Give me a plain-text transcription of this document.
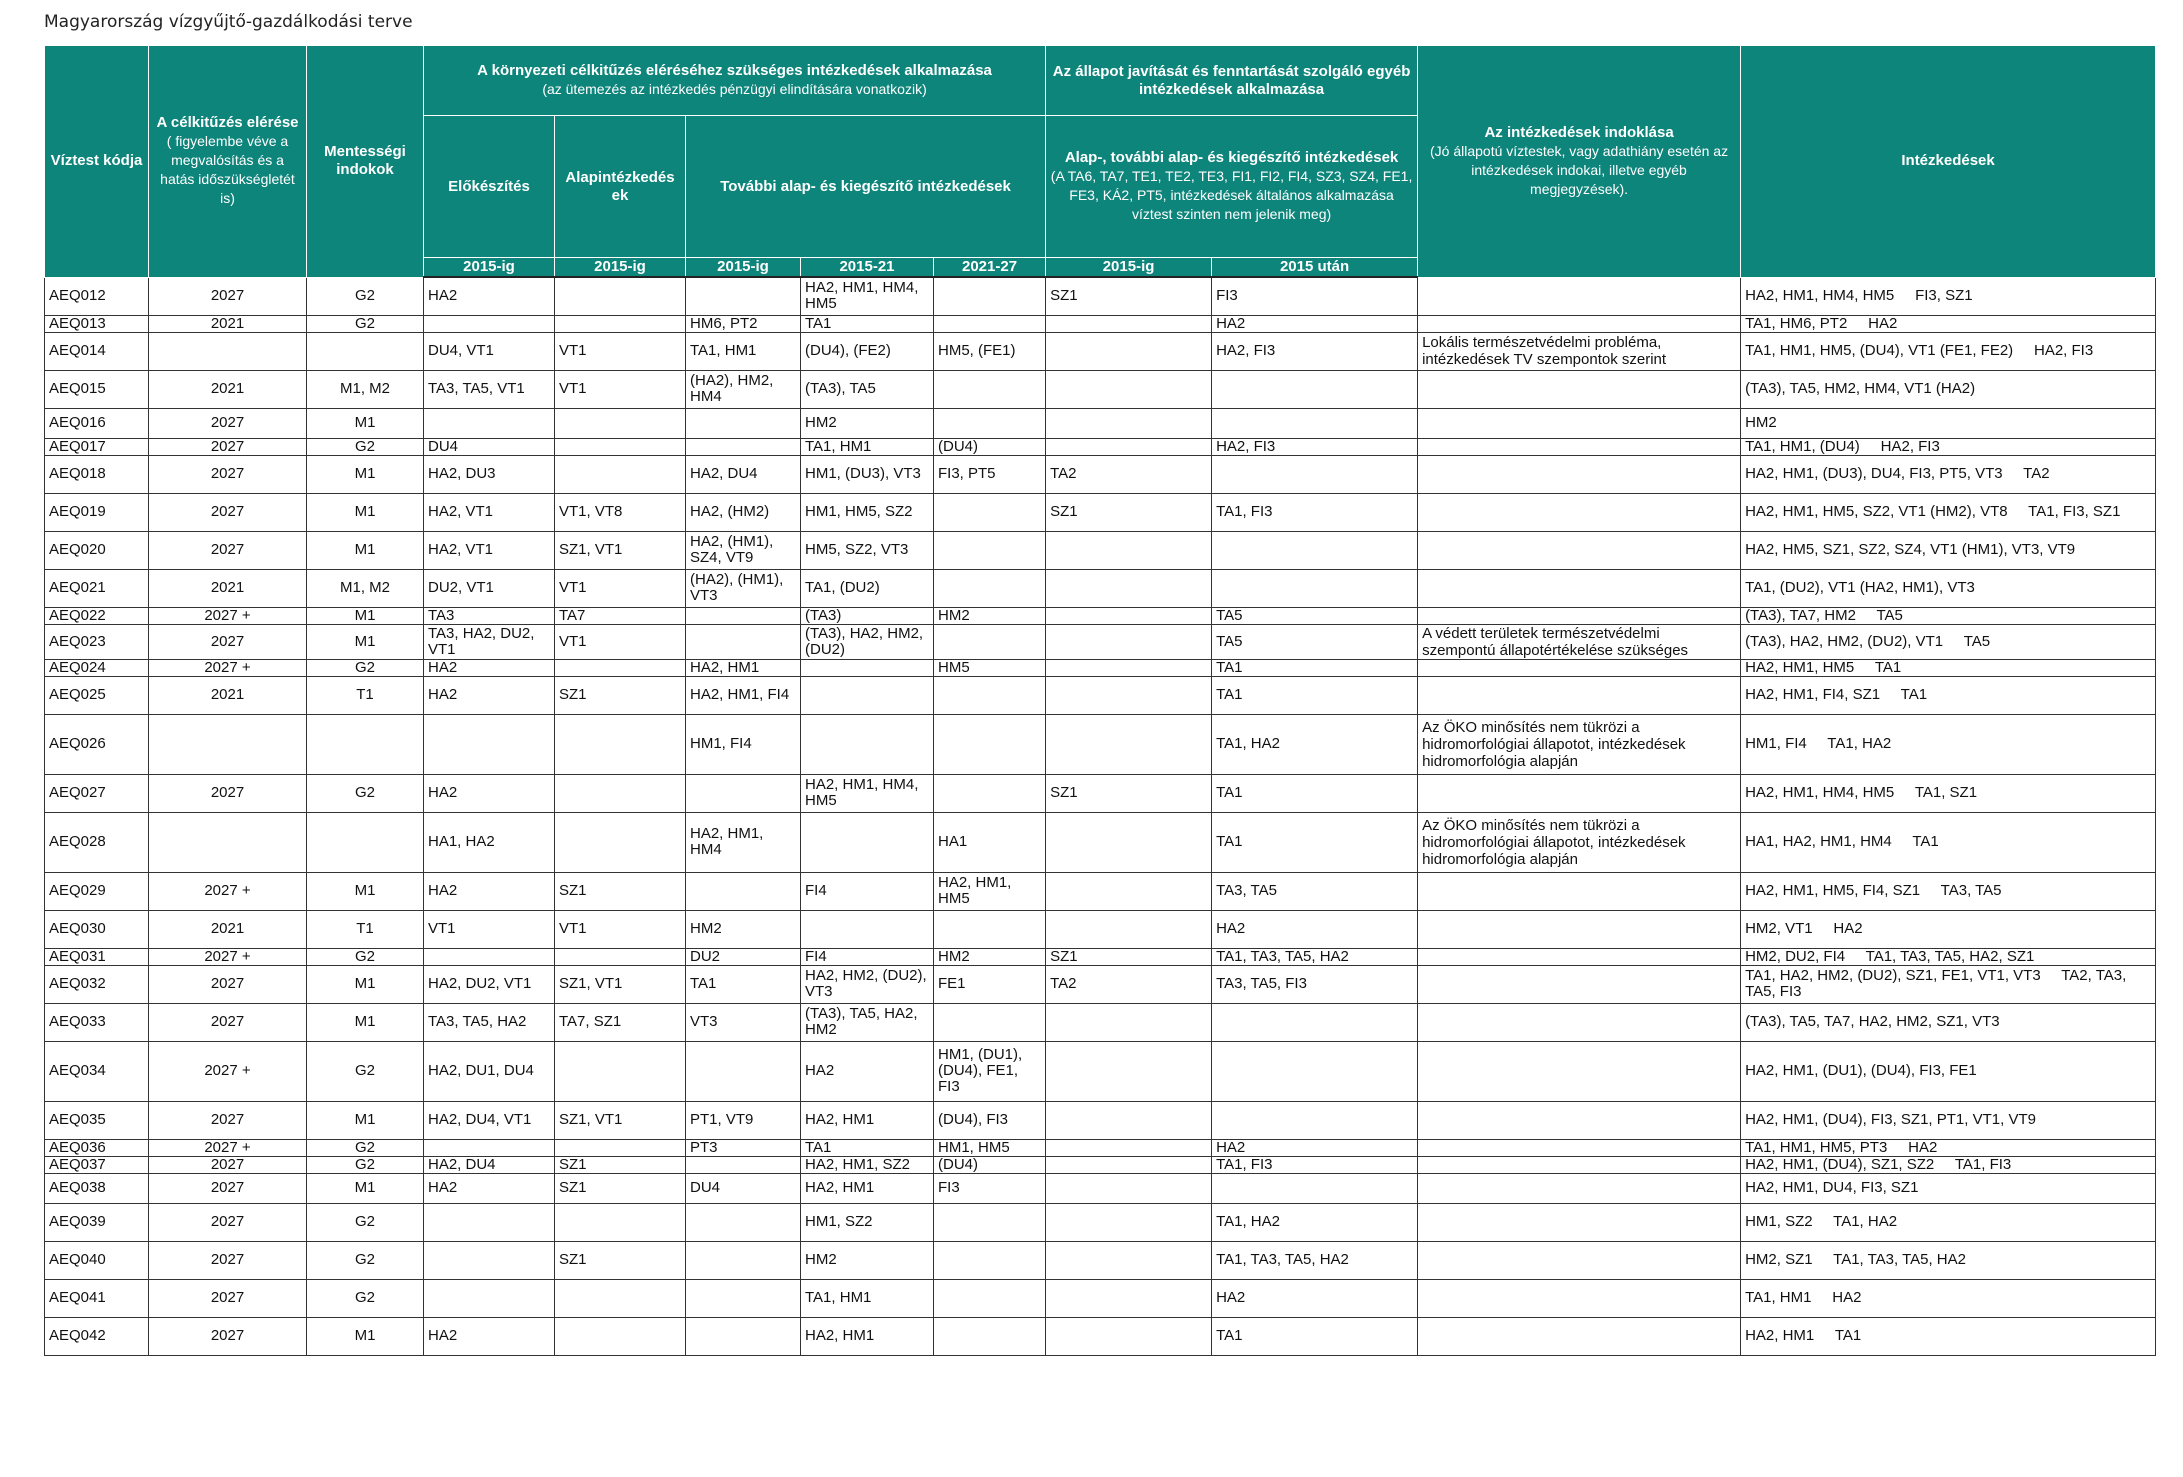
Magyarország vízgyűjtő-gazdálkodási terve
Víztest kódja	A célkitűzés elérése
( figyelembe véve a megvalósítás és a hatás időszükségletét is)	Mentességi indokok	A környezeti célkitűzés eléréséhez szükséges intézkedések alkalmazása
(az ütemezés az intézkedés pénzügyi elindítására vonatkozik)					Az állapot javítását és fenntartását szolgáló egyéb intézkedések alkalmazása		Az intézkedések indoklása
(Jó állapotú víztestek, vagy adathiány esetén az intézkedések indokai, illetve egyéb megjegyzések).	Intézkedések
			Előkészítés	Alapintézkedés ek	További alap- és kiegészítő intézkedések			Alap-, további alap- és kiegészítő intézkedések
(A TA6, TA7, TE1, TE2, TE3, FI1, FI2, FI4, SZ3, SZ4, FE1, FE3, KÁ2, PT5, intézkedések általános alkalmazása víztest szinten nem jelenik meg)			
			2015-ig	2015-ig	2015-ig	2015-21	2021-27	2015-ig	2015 után		
AEQ012	2027	G2	HA2			HA2, HM1, HM4, HM5		SZ1	FI3		HA2, HM1, HM4, HM5     FI3, SZ1
AEQ013	2021	G2			HM6, PT2	TA1			HA2		TA1, HM6, PT2     HA2
AEQ014			DU4, VT1	VT1	TA1, HM1	(DU4), (FE2)	HM5, (FE1)		HA2, FI3	Lokális természetvédelmi probléma, intézkedések TV szempontok szerint	TA1, HM1, HM5, (DU4), VT1 (FE1, FE2)     HA2, FI3
AEQ015	2021	M1, M2	TA3, TA5, VT1	VT1	(HA2), HM2, HM4	(TA3), TA5					(TA3), TA5, HM2, HM4, VT1 (HA2)
AEQ016	2027	M1				HM2					HM2
AEQ017	2027	G2	DU4			TA1, HM1	(DU4)		HA2, FI3		TA1, HM1, (DU4)     HA2, FI3
AEQ018	2027	M1	HA2, DU3		HA2, DU4	HM1, (DU3), VT3	FI3, PT5	TA2			HA2, HM1, (DU3), DU4, FI3, PT5, VT3     TA2
AEQ019	2027	M1	HA2, VT1	VT1, VT8	HA2, (HM2)	HM1, HM5, SZ2		SZ1	TA1, FI3		HA2, HM1, HM5, SZ2, VT1 (HM2), VT8     TA1, FI3, SZ1
AEQ020	2027	M1	HA2, VT1	SZ1, VT1	HA2, (HM1), SZ4, VT9	HM5, SZ2, VT3					HA2, HM5, SZ1, SZ2, SZ4, VT1 (HM1), VT3, VT9
AEQ021	2021	M1, M2	DU2, VT1	VT1	(HA2), (HM1), VT3	TA1, (DU2)					TA1, (DU2), VT1 (HA2, HM1), VT3
AEQ022	2027 +	M1	TA3	TA7		(TA3)	HM2		TA5		(TA3), TA7, HM2     TA5
AEQ023	2027	M1	TA3, HA2, DU2, VT1	VT1		(TA3), HA2, HM2, (DU2)			TA5	A védett területek természetvédelmi szempontú állapotértékelése szükséges	(TA3), HA2, HM2, (DU2), VT1     TA5
AEQ024	2027 +	G2	HA2		HA2, HM1		HM5		TA1		HA2, HM1, HM5     TA1
AEQ025	2021	T1	HA2	SZ1	HA2, HM1, FI4				TA1		HA2, HM1, FI4, SZ1     TA1
AEQ026					HM1, FI4				TA1, HA2	Az ÖKO minősítés nem tükrözi a hidromorfológiai állapotot, intézkedések hidromorfológia alapján	HM1, FI4     TA1, HA2
AEQ027	2027	G2	HA2			HA2, HM1, HM4, HM5		SZ1	TA1		HA2, HM1, HM4, HM5     TA1, SZ1
AEQ028			HA1, HA2		HA2, HM1, HM4		HA1		TA1	Az ÖKO minősítés nem tükrözi a hidromorfológiai állapotot, intézkedések hidromorfológia alapján	HA1, HA2, HM1, HM4     TA1
AEQ029	2027 +	M1	HA2	SZ1		FI4	HA2, HM1, HM5		TA3, TA5		HA2, HM1, HM5, FI4, SZ1     TA3, TA5
AEQ030	2021	T1	VT1	VT1	HM2				HA2		HM2, VT1     HA2
AEQ031	2027 +	G2			DU2	FI4	HM2	SZ1	TA1, TA3, TA5, HA2		HM2, DU2, FI4     TA1, TA3, TA5, HA2, SZ1
AEQ032	2027	M1	HA2, DU2, VT1	SZ1, VT1	TA1	HA2, HM2, (DU2), VT3	FE1	TA2	TA3, TA5, FI3		TA1, HA2, HM2, (DU2), SZ1, FE1, VT1, VT3     TA2, TA3, TA5, FI3
AEQ033	2027	M1	TA3, TA5, HA2	TA7, SZ1	VT3	(TA3), TA5, HA2, HM2					(TA3), TA5, TA7, HA2, HM2, SZ1, VT3
AEQ034	2027 +	G2	HA2, DU1, DU4			HA2	HM1, (DU1), (DU4), FE1, FI3				HA2, HM1, (DU1), (DU4), FI3, FE1
AEQ035	2027	M1	HA2, DU4, VT1	SZ1, VT1	PT1, VT9	HA2, HM1	(DU4), FI3				HA2, HM1, (DU4), FI3, SZ1, PT1, VT1, VT9
AEQ036	2027 +	G2			PT3	TA1	HM1, HM5		HA2		TA1, HM1, HM5, PT3     HA2
AEQ037	2027	G2	HA2, DU4	SZ1		HA2, HM1, SZ2	(DU4)		TA1, FI3		HA2, HM1, (DU4), SZ1, SZ2     TA1, FI3
AEQ038	2027	M1	HA2	SZ1	DU4	HA2, HM1	FI3				HA2, HM1, DU4, FI3, SZ1
AEQ039	2027	G2				HM1, SZ2			TA1, HA2		HM1, SZ2     TA1, HA2
AEQ040	2027	G2		SZ1		HM2			TA1, TA3, TA5, HA2		HM2, SZ1     TA1, TA3, TA5, HA2
AEQ041	2027	G2				TA1, HM1			HA2		TA1, HM1     HA2
AEQ042	2027	M1	HA2			HA2, HM1			TA1		HA2, HM1     TA1
